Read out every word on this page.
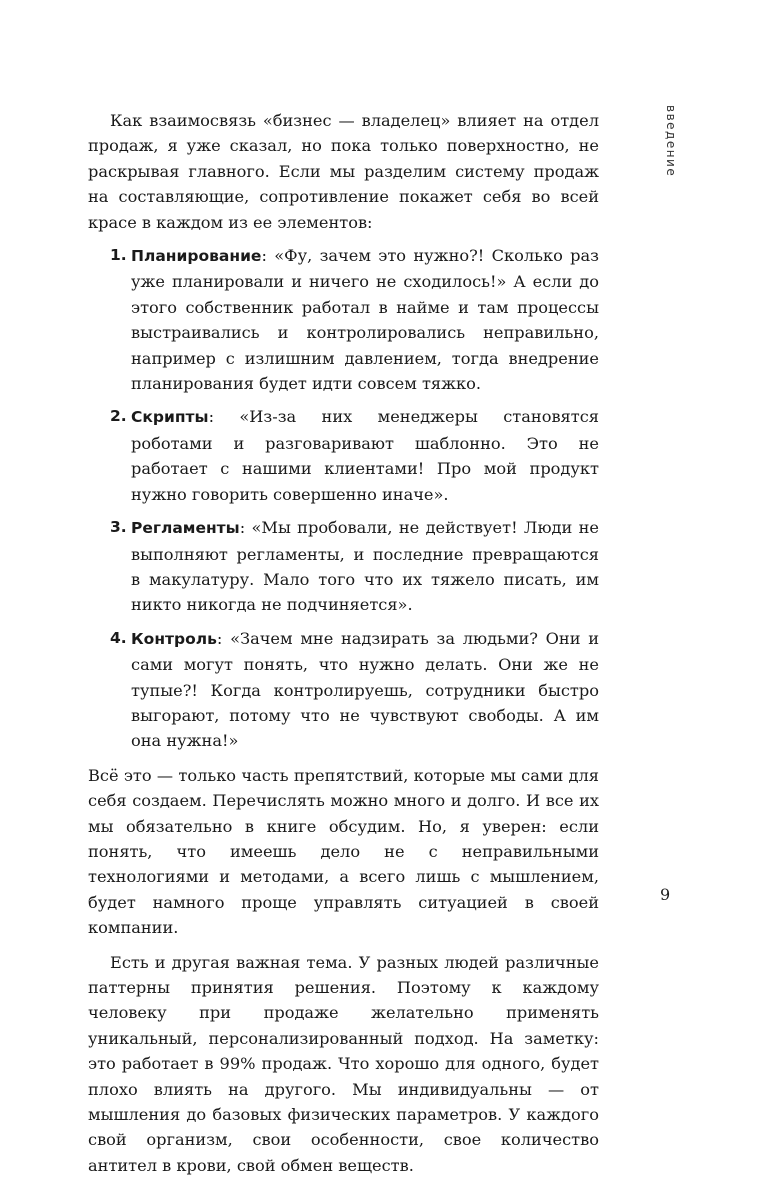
Как взаимосвязь «бизнес — владелец» влияет на отдел продаж, я уже сказал, но пока только поверхностно, не раскрывая главного. Если мы разделим систему продаж на составляющие, сопротивление покажет себя во всей красе в каждом из ее элементов:

1. Планирование: «Фу, зачем это нужно?! Сколько раз уже планировали и ничего не сходилось!» А если до этого собственник работал в найме и там процессы выстраивались и контролировались неправильно, например с излишним давлением, тогда внедрение планирования будет идти совсем тяжко.
2. Скрипты: «Из-за них менеджеры становятся роботами и разговаривают шаблонно. Это не работает с нашими клиентами! Про мой продукт нужно говорить совершенно иначе».
3. Регламенты: «Мы пробовали, не действует! Люди не выполняют регламенты, и последние превращаются в макулатуру. Мало того что их тяжело писать, им никто никогда не подчиняется».
4. Контроль: «Зачем мне надзирать за людьми? Они и сами могут понять, что нужно делать. Они же не тупые?! Когда контролируешь, сотрудники быстро выгорают, потому что не чувствуют свободы. А им она нужна!»

Всё это — только часть препятствий, которые мы сами для себя создаем. Перечислять можно много и долго. И все их мы обязательно в книге обсудим. Но, я уверен: если понять, что имеешь дело не с неправильными технологиями и методами, а всего лишь с мышлением, будет намного проще управлять ситуацией в своей компании.

Есть и другая важная тема. У разных людей различные паттерны принятия решения. Поэтому к каждому человеку при продаже желательно применять уникальный, персонализированный подход. На заметку: это работает в 99% продаж. Что хорошо для одного, будет плохо влиять на другого. Мы индивидуальны — от мышления до базовых физических параметров. У каждого свой организм, свои особенности, свое количество антител в крови, свой обмен веществ.

введение
9
